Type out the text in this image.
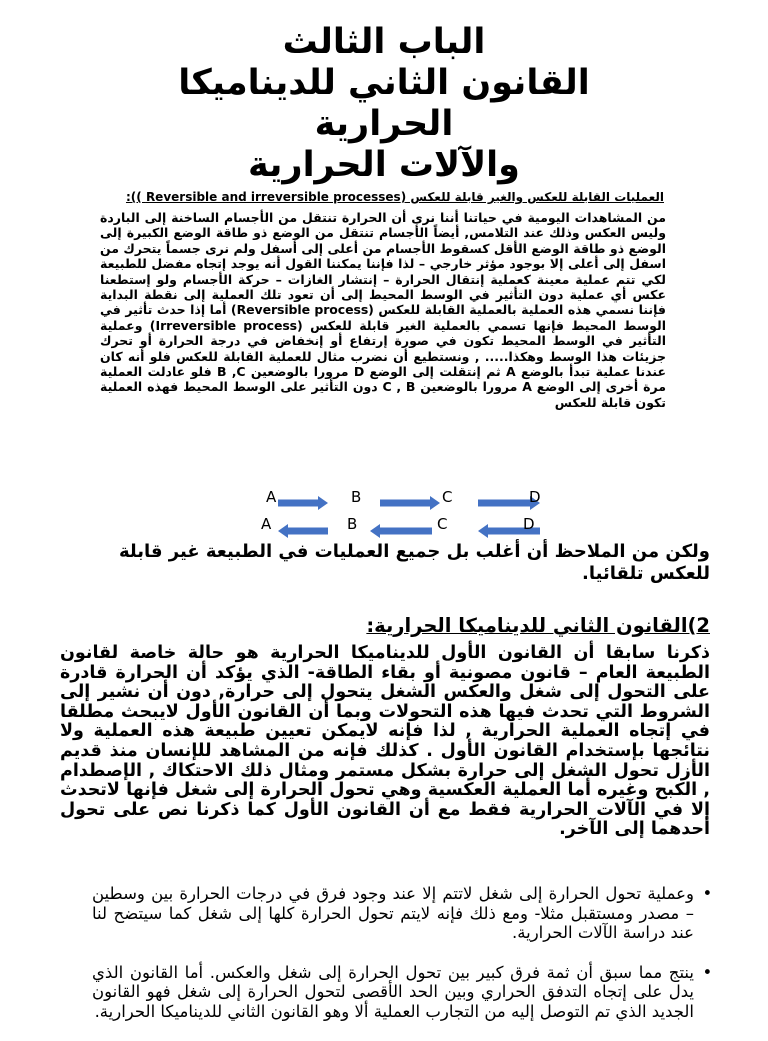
الباب الثالث
القانون الثاني للديناميكا
الحرارية
والآلات الحرارية

العمليات القابلة للعكس والغير قابلة للعكس (Reversible and irreversible processes )):

من المشاهدات اليومية في حياتنا أننا نرى أن الحرارة تنتقل من الأجسام الساخنة إلى الباردة وليس العكس وذلك عند التلامس, أيضاً الأجسام تنتقل من الوضع ذو طاقة الوضع الكبيرة إلى الوضع ذو طاقة الوضع الأقل كسقوط الأجسام من أعلى إلى أسفل ولم نرى جسماً يتحرك من اسفل إلى أعلى إلا بوجود مؤثر خارجي – لذا فإننا يمكننا القول أنه يوجد إتجاه مفضل للطبيعة لكي تتم عملية معينة كعملية إنتقال الحرارة – إنتشار الغازات – حركة الأجسام ولو إستطعنا عكس أي عملية دون التأثير في الوسط المحيط إلى أن تعود تلك العملية إلى نقطة البداية فإننا نسمي هذه العملية بالعملية القابلة للعكس (Reversible process) أما إذا حدث تأثير في الوسط المحيط فإنها تسمي بالعملية الغير قابلة للعكس (Irreversible process) وعملية التأثير في الوسط المحيط تكون في صورة إرتفاع أو إنخفاض في درجة الحرارة أو تحرك جزيئات هذا الوسط وهكذا..... , ونستطيع أن نضرب مثال للعملية القابلة للعكس فلو أنه كان عندنا عملية تبدأ بالوضع A ثم إنتقلت إلى الوضع D مرورا بالوضعين B ,C فلو عادلت العملية مرة أخرى إلى الوضع A مرورا بالوضعين C , B دون التأثير على الوسط المحيط فهذه العملية تكون قابلة للعكس

A	B	C	D
A	B	C	D

ولكن من الملاحظ أن أغلب بل جميع العمليات في الطبيعة غير قابلة للعكس تلقائيا.

2)القانون الثاني للديناميكا الحرارية:

ذكرنا سابقا أن القانون الأول للديناميكا الحرارية هو حالة خاصة لقانون الطبيعة العام – قانون مصونية أو بقاء الطاقة- الذي يؤكد أن الحرارة قادرة على التحول إلى شغل والعكس الشغل يتحول إلى حرارة, دون أن نشير إلى الشروط التي تحدث فيها هذه التحولات وبما أن القانون الأول لايبحث مطلقا في إتجاه العملية الحرارية , لذا فإنه لايمكن تعيين طبيعة هذه العملية ولا نتائجها بإستخدام القانون الأول . كذلك فإنه من المشاهد للإنسان منذ قديم الأزل تحول الشغل إلى حرارة بشكل مستمر ومثال ذلك الاحتكاك , الإصطدام , الكبح وغيره أما العملية العكسية وهي تحول الحرارة إلى شغل فإنها لاتحدث إلا في الآلات الحرارية فقط مع أن القانون الأول كما ذكرنا نص على تحول أحدهما إلى الآخر.

•
وعملية تحول الحرارة إلى شغل لاتتم إلا عند وجود فرق في درجات الحرارة بين وسطين – مصدر ومستقبل مثلا- ومع ذلك فإنه لايتم تحول الحرارة كلها إلى شغل كما سيتضح لنا عند دراسة الآلات الحرارية.
•
ينتج مما سبق أن ثمة فرق كبير بين تحول الحرارة إلى شغل والعكس. أما القانون الذي يدل على إتجاه التدفق الحراري وبين الحد الأقصى لتحول الحرارة إلى شغل فهو القانون الجديد الذي تم التوصل إليه من التجارب العملية ألا وهو القانون الثاني للديناميكا الحرارية.
